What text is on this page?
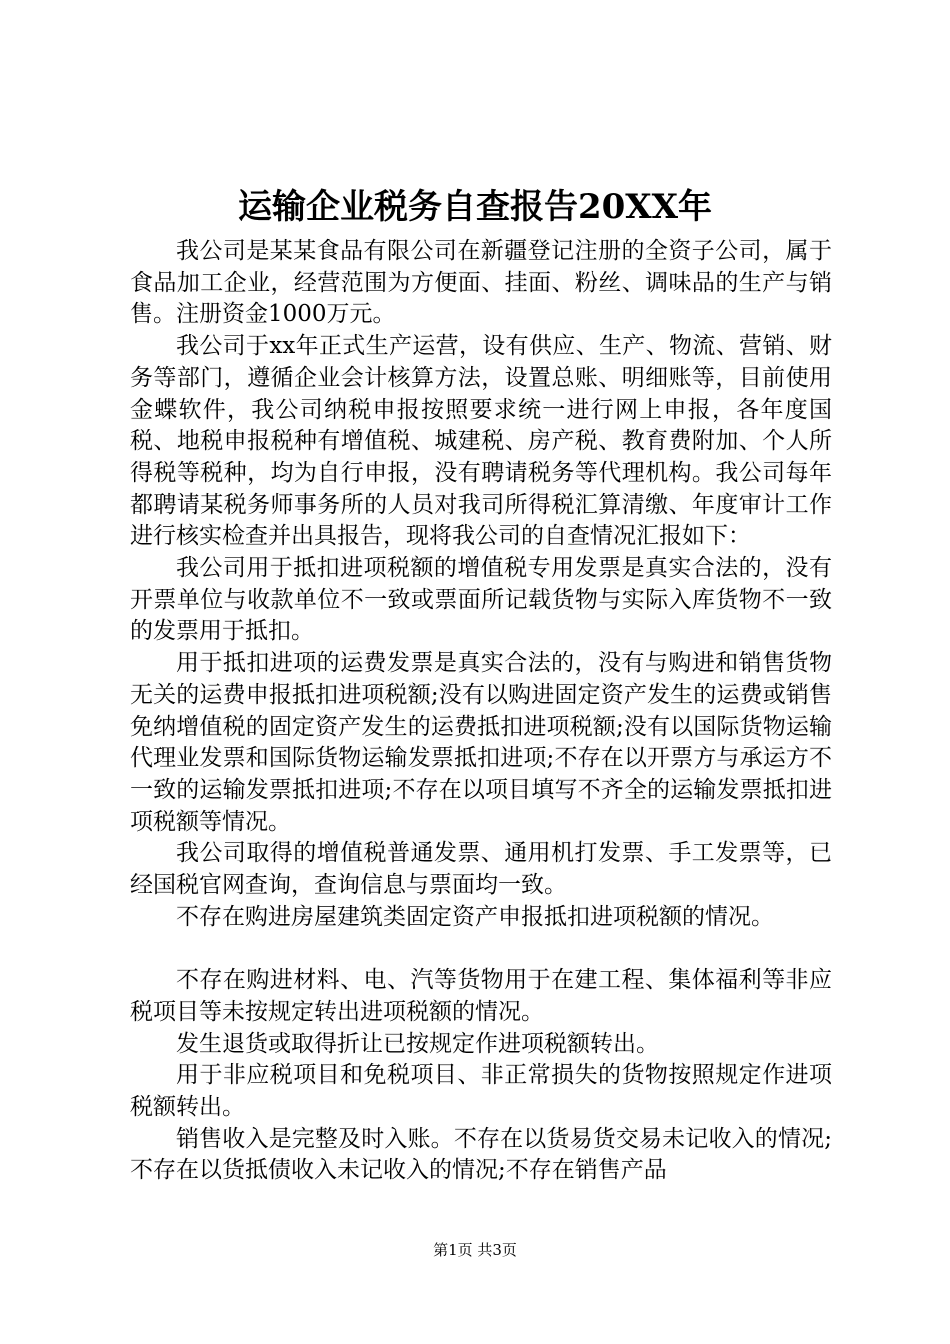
运输企业税务自查报告20XX年

我公司是某某食品有限公司在新疆登记注册的全资子公司，属于食品加工企业，经营范围为方便面、挂面、粉丝、调味品的生产与销售。注册资金1000万元。

我公司于xx年正式生产运营，设有供应、生产、物流、营销、财务等部门，遵循企业会计核算方法，设置总账、明细账等，目前使用金蝶软件，我公司纳税申报按照要求统一进行网上申报，各年度国税、地税申报税种有增值税、城建税、房产税、教育费附加、个人所得税等税种，均为自行申报，没有聘请税务等代理机构。我公司每年都聘请某税务师事务所的人员对我司所得税汇算清缴、年度审计工作进行核实检查并出具报告，现将我公司的自查情况汇报如下：

我公司用于抵扣进项税额的增值税专用发票是真实合法的，没有开票单位与收款单位不一致或票面所记载货物与实际入库货物不一致的发票用于抵扣。

用于抵扣进项的运费发票是真实合法的，没有与购进和销售货物无关的运费申报抵扣进项税额;没有以购进固定资产发生的运费或销售免纳增值税的固定资产发生的运费抵扣进项税额;没有以国际货物运输代理业发票和国际货物运输发票抵扣进项;不存在以开票方与承运方不一致的运输发票抵扣进项;不存在以项目填写不齐全的运输发票抵扣进项税额等情况。

我公司取得的增值税普通发票、通用机打发票、手工发票等，已经国税官网查询，查询信息与票面均一致。

不存在购进房屋建筑类固定资产申报抵扣进项税额的情况。

不存在购进材料、电、汽等货物用于在建工程、集体福利等非应税项目等未按规定转出进项税额的情况。

发生退货或取得折让已按规定作进项税额转出。

用于非应税项目和免税项目、非正常损失的货物按照规定作进项税额转出。

销售收入是完整及时入账。不存在以货易货交易未记收入的情况;不存在以货抵债收入未记收入的情况;不存在销售产品

第1页 共3页
